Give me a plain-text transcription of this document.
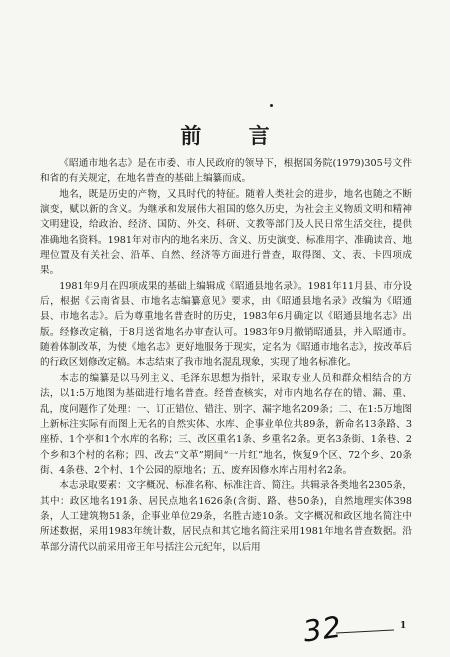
前 言

《昭通市地名志》是在市委、市人民政府的领导下，根据国务院(1979)305号文件和省的有关规定，在地名普查的基础上编纂而成。

地名，既是历史的产物，又具时代的特征。随着人类社会的进步，地名也随之不断演变，赋以新的含义。为继承和发展伟大祖国的悠久历史，为社会主义物质文明和精神文明建设，给政治、经济、国防、外交、科研、文教等部门及人民日常生活交往，提供准确地名资料。1981年对市内的地名来历、含义、历史演变、标准用字、准确读音、地理位置及有关社会、沿革、自然、经济等方面进行普查，取得图、文、表、卡四项成果。

1981年9月在四项成果的基础上编辑成《昭通县地名录》。1981年11月县、市分设后，根据《云南省县、市地名志编纂意见》要求，由《昭通县地名录》改编为《昭通县、市地名志》。后为尊重地名普查时的历史，1983年6月确定以《昭通县地名志》出版。经修改定稿，于8月送省地名办审查认可。1983年9月撤销昭通县，并入昭通市。随着体制改革，为使《地名志》更好地服务于现实，定名为《昭通市地名志》，按改革后的行政区划修改定稿。本志结束了我市地名混乱现象，实现了地名标准化。

本志的编纂是以马列主义、毛泽东思想为指针，采取专业人员和群众相结合的方法，以1:5万地图为基础进行地名普查。经普查核实，对市内地名存在的错、漏、重、乱，度问题作了处理：一、订正错位、错注、别字、漏字地名209条；二、在1:5万地图上新标注实际有而图上无名的自然实体、水库、企事业单位共89条，新命名13条路、3座桥、1个亭和1个水库的名称；三、改区重名1条、乡重名2条。更名3条街、1条巷、2个乡和3个村的名称；四、改去“文革”期间“一片红”地名，恢复9个区、72个乡、20条街、4条巷、2个村、1个公园的原地名；五、废弃因修水库占用村名2条。

本志录取要素：文字概况、标准名称、标准注音、简注。共辑录各类地名2305条，其中：政区地名191条、居民点地名1626条(含街、路、巷50条)，自然地理实体398条，人工建筑物51条，企事业单位29条，名胜古迹10条。文字概况和政区地名简注中所述数据，采用1983年统计数，居民点和其它地名简注采用1981年地名普查数据。沿革部分清代以前采用帝王年号括注公元纪年，以后用

32	1
